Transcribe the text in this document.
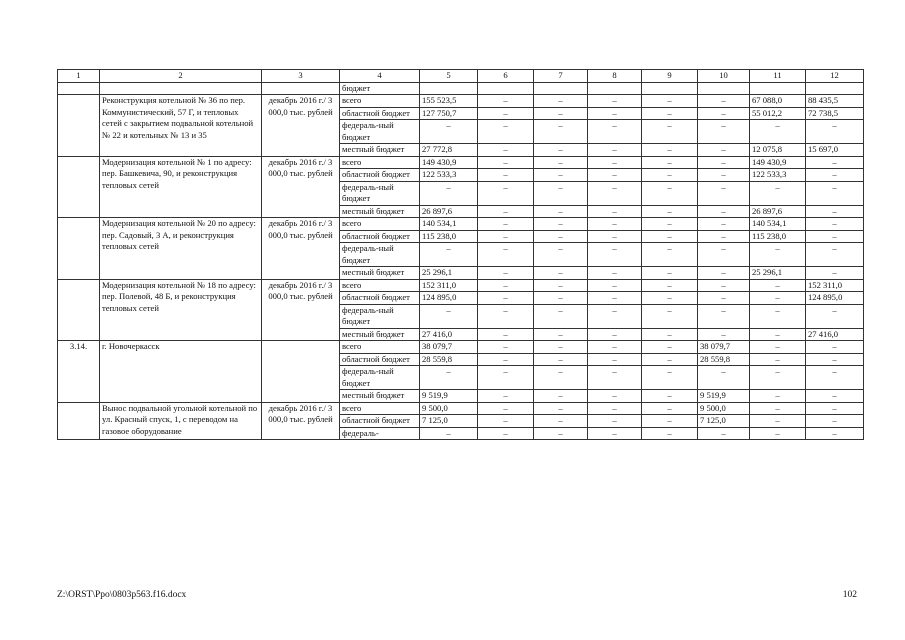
1	2	3	4	5	6	7	8	9	10	11	12
			бюджет								
	Реконструкция котельной № 36 по пер. Коммунистический, 57 Г, и тепловых сетей с закрытием подвальной котельной № 22 и котельных № 13 и 35	декабрь 2016 г./ 3 000,0 тыс. рублей	всего	155 523,5	–	–	–	–	–	67 088,0	88 435,5
			областной бюджет	127 750,7	–	–	–	–	–	55 012,2	72 738,5
			федераль-ный бюджет	–	–	–	–	–	–	–	–
			местный бюджет	27 772,8	–	–	–	–	–	12 075,8	15 697,0
	Модернизация котельной № 1 по адресу: пер. Башкевича, 90, и реконструкция тепловых сетей	декабрь 2016 г./ 3 000,0 тыс. рублей	всего	149 430,9	–	–	–	–	–	149 430,9	–
			областной бюджет	122 533,3	–	–	–	–	–	122 533,3	–
			федераль-ный бюджет	–	–	–	–	–	–	–	–
			местный бюджет	26 897,6	–	–	–	–	–	26 897,6	–
	Модернизация котельной № 20 по адресу: пер. Садовый, 3 А, и реконструкция тепловых сетей	декабрь 2016 г./ 3 000,0 тыс. рублей	всего	140 534,1	–	–	–	–	–	140 534,1	–
			областной бюджет	115 238,0	–	–	–	–	–	115 238,0	–
			федераль-ный бюджет	–	–	–	–	–	–	–	–
			местный бюджет	25 296,1	–	–	–	–	–	25 296,1	–
	Модернизация котельной № 18 по адресу: пер. Полевой, 48 Б, и реконструкция тепловых сетей	декабрь 2016 г./ 3 000,0 тыс. рублей	всего	152 311,0	–	–	–	–	–	–	152 311,0
			областной бюджет	124 895,0	–	–	–	–	–	–	124 895,0
			федераль-ный бюджет	–	–	–	–	–	–	–	–
			местный бюджет	27 416,0	–	–	–	–	–	–	27 416,0
3.14.	г. Новочеркасск		всего	38 079,7	–	–	–	–	38 079,7	–	–
			областной бюджет	28 559,8	–	–	–	–	28 559,8	–	–
			федераль-ный бюджет	–	–	–	–	–	–	–	–
			местный бюджет	9 519,9	–	–	–	–	9 519,9	–	–
	Вынос подвальной угольной котельной по ул. Красный спуск, 1, с переводом на газовое оборудование	декабрь 2016 г./ 3 000,0 тыс. рублей	всего	9 500,0	–	–	–	–	9 500,0	–	–
			областной бюджет	7 125,0	–	–	–	–	7 125,0	–	–
			федераль-	–	–	–	–	–	–	–	–
Z:\ORST\Ppo\0803p563.f16.docx	102
